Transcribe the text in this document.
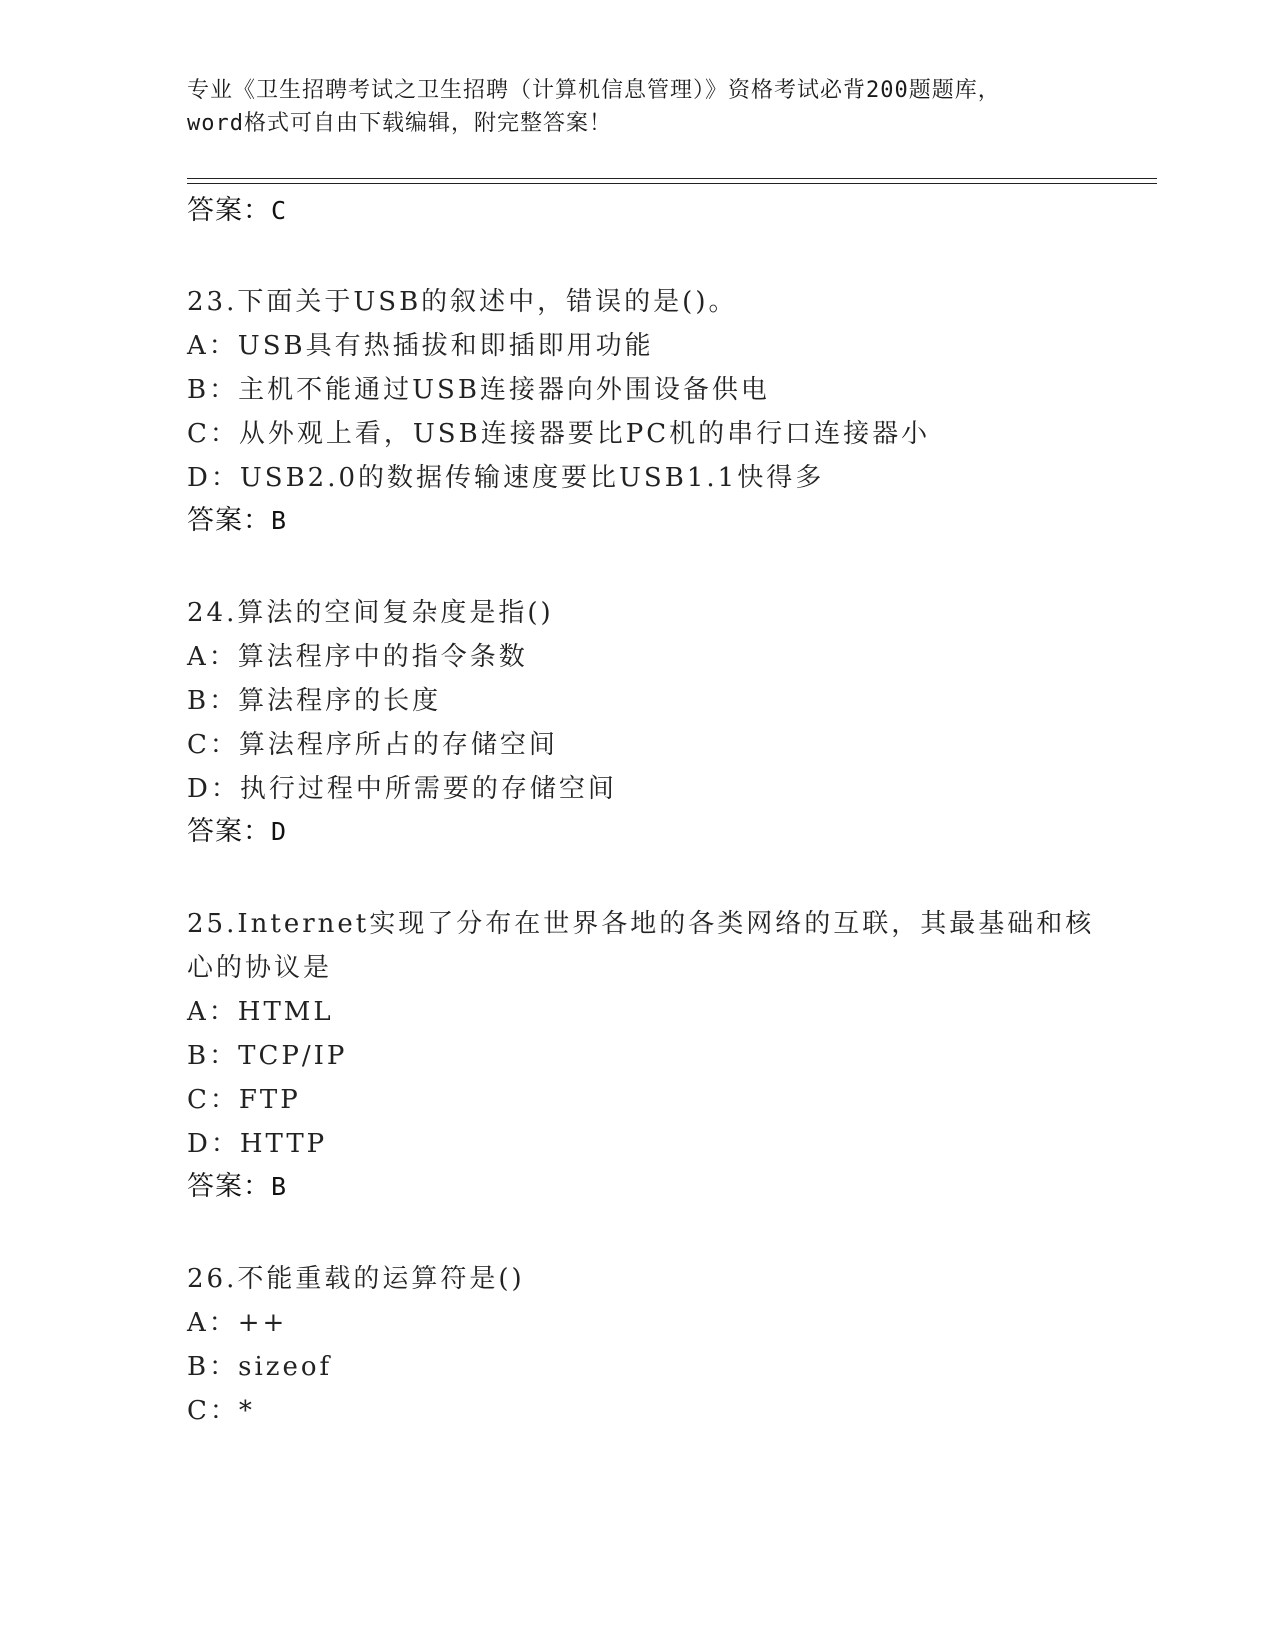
专业《卫生招聘考试之卫生招聘（计算机信息管理）》资格考试必背200题题库，
word格式可自由下载编辑，附完整答案！
答案：C
23.下面关于USB的叙述中，错误的是()。
A：USB具有热插拔和即插即用功能
B：主机不能通过USB连接器向外围设备供电
C：从外观上看，USB连接器要比PC机的串行口连接器小
D：USB2.0的数据传输速度要比USB1.1快得多
答案：B
24.算法的空间复杂度是指()
A：算法程序中的指令条数
B：算法程序的长度
C：算法程序所占的存储空间
D：执行过程中所需要的存储空间
答案：D
25.Internet实现了分布在世界各地的各类网络的互联，其最基础和核
心的协议是
A：HTML
B：TCP/IP
C：FTP
D：HTTP
答案：B
26.不能重载的运算符是()
A：++
B：sizeof
C：*
